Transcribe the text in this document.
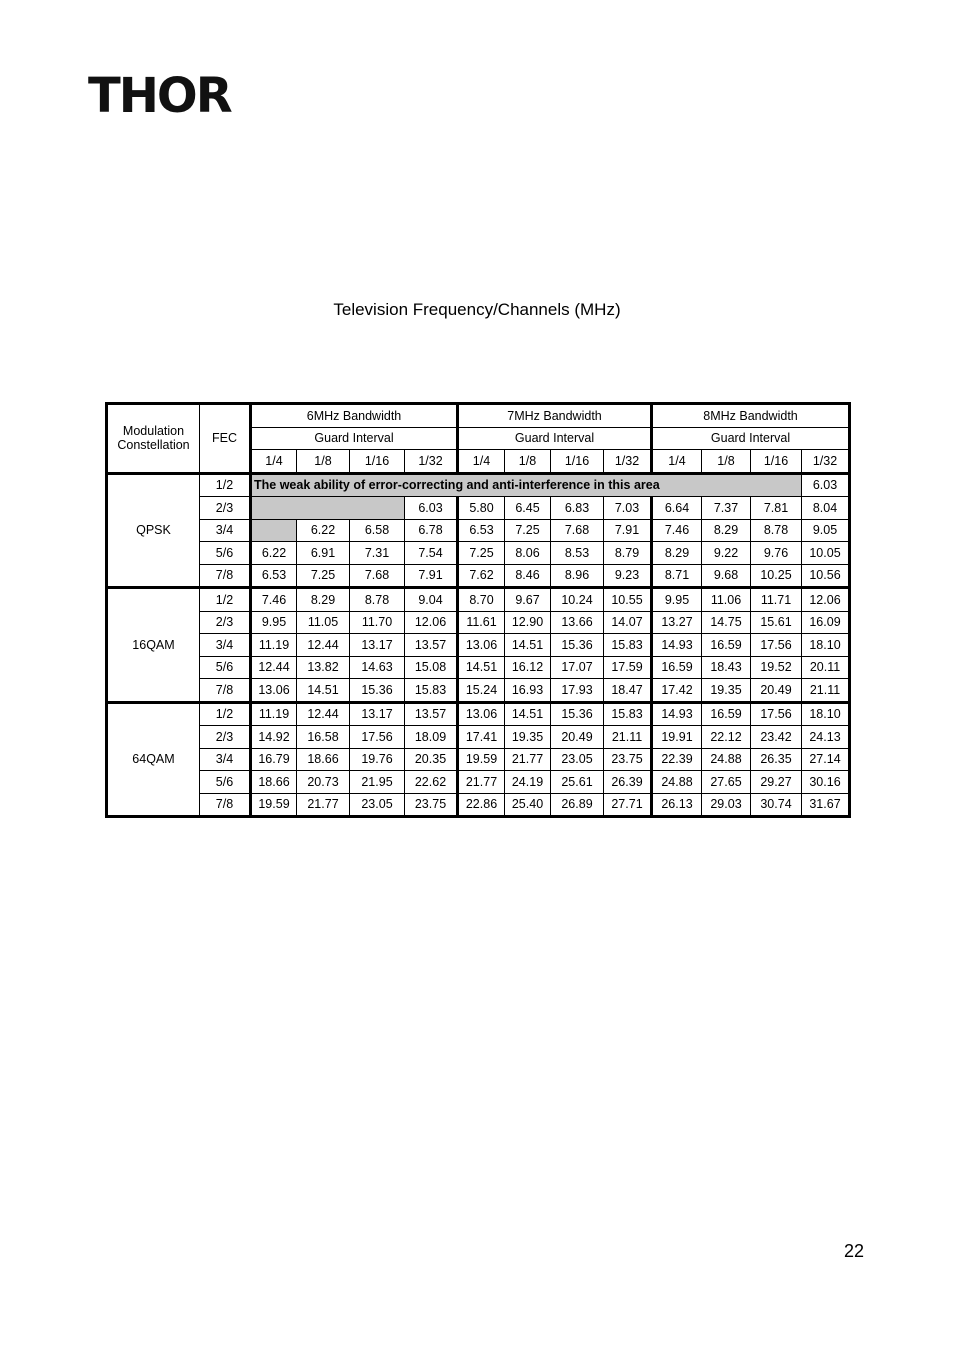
THOR
Television Frequency/Channels (MHz)
Modulation Constellation	FEC	6MHz Bandwidth				7MHz Bandwidth				8MHz Bandwidth			
		Guard Interval				Guard Interval				Guard Interval			
		1/4	1/8	1/16	1/32	1/4	1/8	1/16	1/32	1/4	1/8	1/16	1/32
QPSK	1/2	The weak ability of error-correcting and anti-interference in this area											6.03
	2/3				6.03	5.80	6.45	6.83	7.03	6.64	7.37	7.81	8.04
	3/4		6.22	6.58	6.78	6.53	7.25	7.68	7.91	7.46	8.29	8.78	9.05
	5/6	6.22	6.91	7.31	7.54	7.25	8.06	8.53	8.79	8.29	9.22	9.76	10.05
	7/8	6.53	7.25	7.68	7.91	7.62	8.46	8.96	9.23	8.71	9.68	10.25	10.56
16QAM	1/2	7.46	8.29	8.78	9.04	8.70	9.67	10.24	10.55	9.95	11.06	11.71	12.06
	2/3	9.95	11.05	11.70	12.06	11.61	12.90	13.66	14.07	13.27	14.75	15.61	16.09
	3/4	11.19	12.44	13.17	13.57	13.06	14.51	15.36	15.83	14.93	16.59	17.56	18.10
	5/6	12.44	13.82	14.63	15.08	14.51	16.12	17.07	17.59	16.59	18.43	19.52	20.11
	7/8	13.06	14.51	15.36	15.83	15.24	16.93	17.93	18.47	17.42	19.35	20.49	21.11
64QAM	1/2	11.19	12.44	13.17	13.57	13.06	14.51	15.36	15.83	14.93	16.59	17.56	18.10
	2/3	14.92	16.58	17.56	18.09	17.41	19.35	20.49	21.11	19.91	22.12	23.42	24.13
	3/4	16.79	18.66	19.76	20.35	19.59	21.77	23.05	23.75	22.39	24.88	26.35	27.14
	5/6	18.66	20.73	21.95	22.62	21.77	24.19	25.61	26.39	24.88	27.65	29.27	30.16
	7/8	19.59	21.77	23.05	23.75	22.86	25.40	26.89	27.71	26.13	29.03	30.74	31.67
22
